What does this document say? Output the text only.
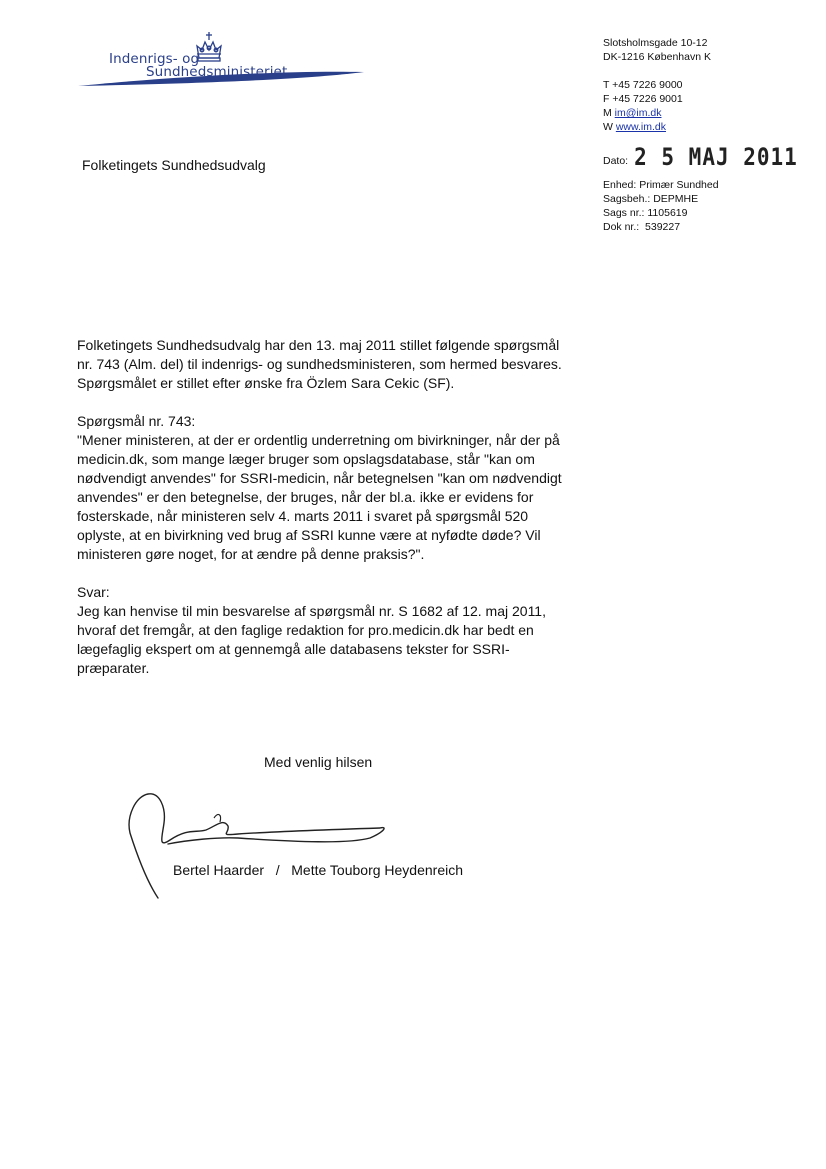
Indenrigs- og
Sundhedsministeriet
Slotsholmsgade 10-12
DK-1216 København K
T +45 7226 9000
F +45 7226 9001
M im@im.dk
W www.im.dk
Folketingets Sundhedsudvalg	Dato: 2 5 MAJ 2011
Enhed: Primær Sundhed
Sagsbeh.: DEPMHE
Sags nr.: 1105619
Dok nr.:  539227

Folketingets Sundhedsudvalg har den 13. maj 2011 stillet følgende spørgsmål nr. 743 (Alm. del) til indenrigs- og sundhedsministeren, som hermed besvares. Spørgsmålet er stillet efter ønske fra Özlem Sara Cekic (SF).

Spørgsmål nr. 743:

"Mener ministeren, at der er ordentlig underretning om bivirkninger, når der på medicin.dk, som mange læger bruger som opslagsdatabase, står "kan om nødvendigt anvendes" for SSRI-medicin, når betegnelsen "kan om nødvendigt anvendes" er den betegnelse, der bruges, når der bl.a. ikke er evidens for fosterskade, når ministeren selv 4. marts 2011 i svaret på spørgsmål 520 oplyste, at en bivirkning ved brug af SSRI kunne være at nyfødte døde? Vil ministeren gøre noget, for at ændre på denne praksis?".

Svar:

Jeg kan henvise til min besvarelse af spørgsmål nr. S 1682 af 12. maj 2011, hvoraf det fremgår, at den faglige redaktion for pro.medicin.dk har bedt en lægefaglig ekspert om at gennemgå alle databasens tekster for SSRI-præparater.

Med venlig hilsen
Bertel Haarder   /   Mette Touborg Heydenreich
